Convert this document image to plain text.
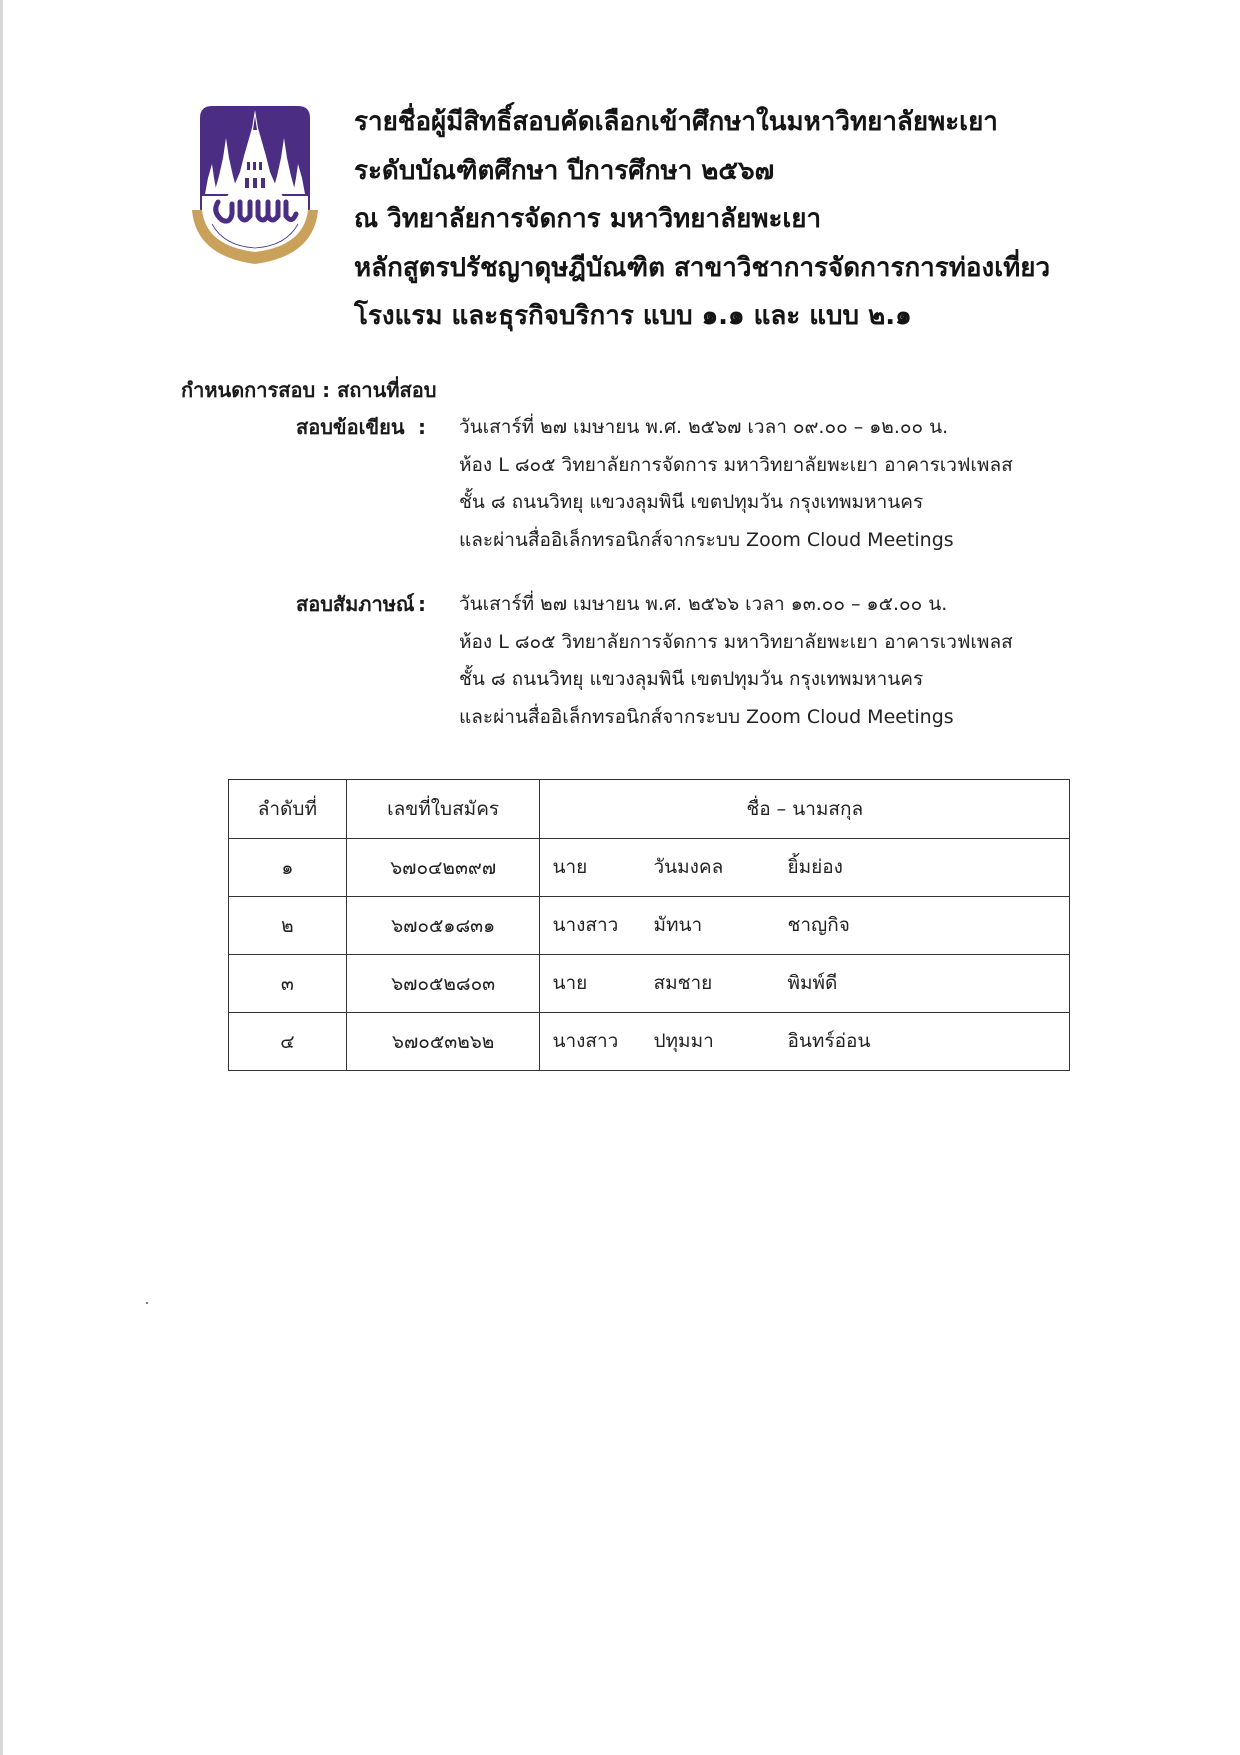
รายชื่อผู้มีสิทธิ์สอบคัดเลือกเข้าศึกษาในมหาวิทยาลัยพะเยา
ระดับบัณฑิตศึกษา ปีการศึกษา ๒๕๖๗
ณ วิทยาลัยการจัดการ มหาวิทยาลัยพะเยา
หลักสูตรปรัชญาดุษฎีบัณฑิต สาขาวิชาการจัดการการท่องเที่ยว
โรงแรม และธุรกิจบริการ แบบ ๑.๑ และ แบบ ๒.๑
กำหนดการสอบ : สถานที่สอบ
สอบข้อเขียน : วันเสาร์ที่ ๒๗ เมษายน พ.ศ. ๒๕๖๗ เวลา ๐๙.๐๐ – ๑๒.๐๐ น.
ห้อง L ๘๐๕ วิทยาลัยการจัดการ มหาวิทยาลัยพะเยา อาคารเวฟเพลส
ชั้น ๘ ถนนวิทยุ แขวงลุมพินี เขตปทุมวัน กรุงเทพมหานคร
และผ่านสื่ออิเล็กทรอนิกส์จากระบบ Zoom Cloud Meetings
สอบสัมภาษณ์ : วันเสาร์ที่ ๒๗ เมษายน พ.ศ. ๒๕๖๖ เวลา ๑๓.๐๐ – ๑๕.๐๐ น.
ห้อง L ๘๐๕ วิทยาลัยการจัดการ มหาวิทยาลัยพะเยา อาคารเวฟเพลส
ชั้น ๘ ถนนวิทยุ แขวงลุมพินี เขตปทุมวัน กรุงเทพมหานคร
และผ่านสื่ออิเล็กทรอนิกส์จากระบบ Zoom Cloud Meetings
ลำดับที่	เลขที่ใบสมัคร	ชื่อ – นามสกุล
๑	๖๗๐๔๒๓๙๗	นาย วันมงคล ยิ้มย่อง

๒	๖๗๐๕๑๘๓๑	นางสาว มัทนา ชาญกิจ

๓	๖๗๐๕๒๘๐๓	นาย สมชาย พิมพ์ดี

๔	๖๗๐๕๓๒๖๒	นางสาว ปทุมมา อินทร์อ่อน
